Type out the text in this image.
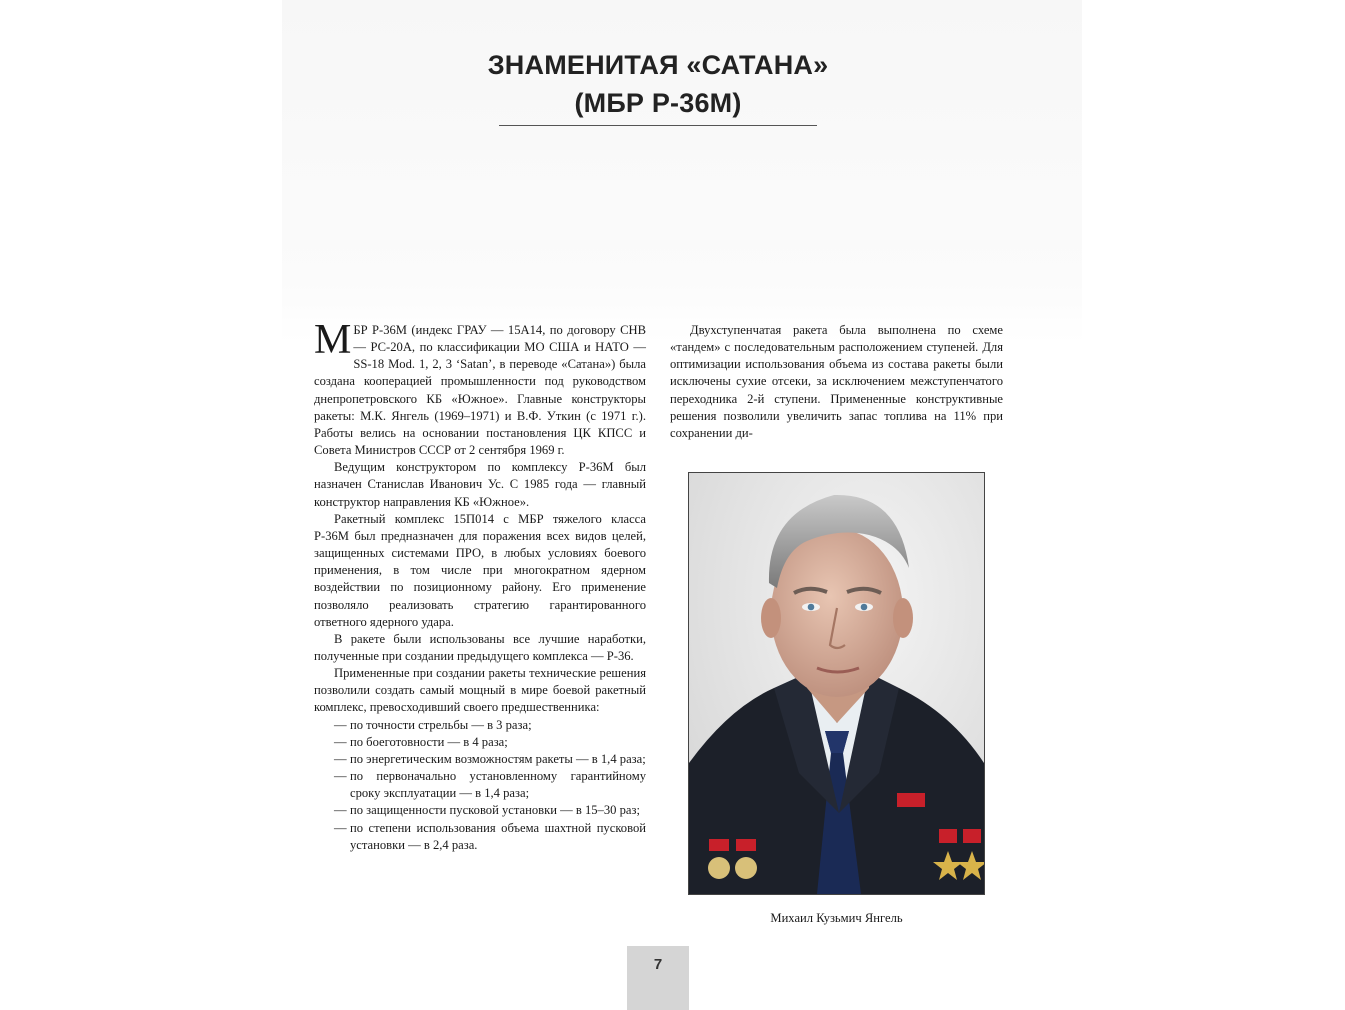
ЗНАМЕНИТАЯ «САТАНА»
(МБР Р-36М)

МБР Р-36М (индекс ГРАУ — 15А14, по договору СНВ — РС-20А, по классификации МО США и НАТО — SS-18 Mod. 1, 2, 3 ‘Satan’, в переводе «Сатана») была создана кооперацией промышленности под руководством днепропетровского КБ «Южное». Главные конструкторы ракеты: М.К. Янгель (1969–1971) и В.Ф. Уткин (с 1971 г.). Работы велись на основании постановления ЦК КПСС и Совета Министров СССР от 2 сентября 1969 г.

Ведущим конструктором по комплексу Р-36М был назначен Станислав Иванович Ус. С 1985 года — главный конструктор направления КБ «Южное».

Ракетный комплекс 15П014 с МБР тяжелого класса Р-36М был предназначен для поражения всех видов целей, защищенных системами ПРО, в любых условиях боевого применения, в том числе при многократном ядерном воздействии по позиционному району. Его применение позволяло реализовать стратегию гарантированного ответного ядерного удара.

В ракете были использованы все лучшие наработки, полученные при создании предыдущего комплекса — Р-36.

Примененные при создании ракеты технические решения позволили создать самый мощный в мире боевой ракетный комплекс, превосходивший своего предшественника:

— по точности стрельбы — в 3 раза;
— по боеготовности — в 4 раза;
— по энергетическим возможностям ракеты — в 1,4 раза;
— по первоначально установленному гарантийному сроку эксплуатации — в 1,4 раза;
— по защищенности пусковой установки — в 15–30 раз;
— по степени использования объема шахтной пусковой установки — в 2,4 раза.

Двухступенчатая ракета была выполнена по схеме «тандем» с последовательным расположением ступеней. Для оптимизации использования объема из состава ракеты были исключены сухие отсеки, за исключением межступенчатого переходника 2-й ступени. Примененные конструктивные решения позволили увеличить запас топлива на 11% при сохранении ди-

Михаил Кузьмич Янгель
7
